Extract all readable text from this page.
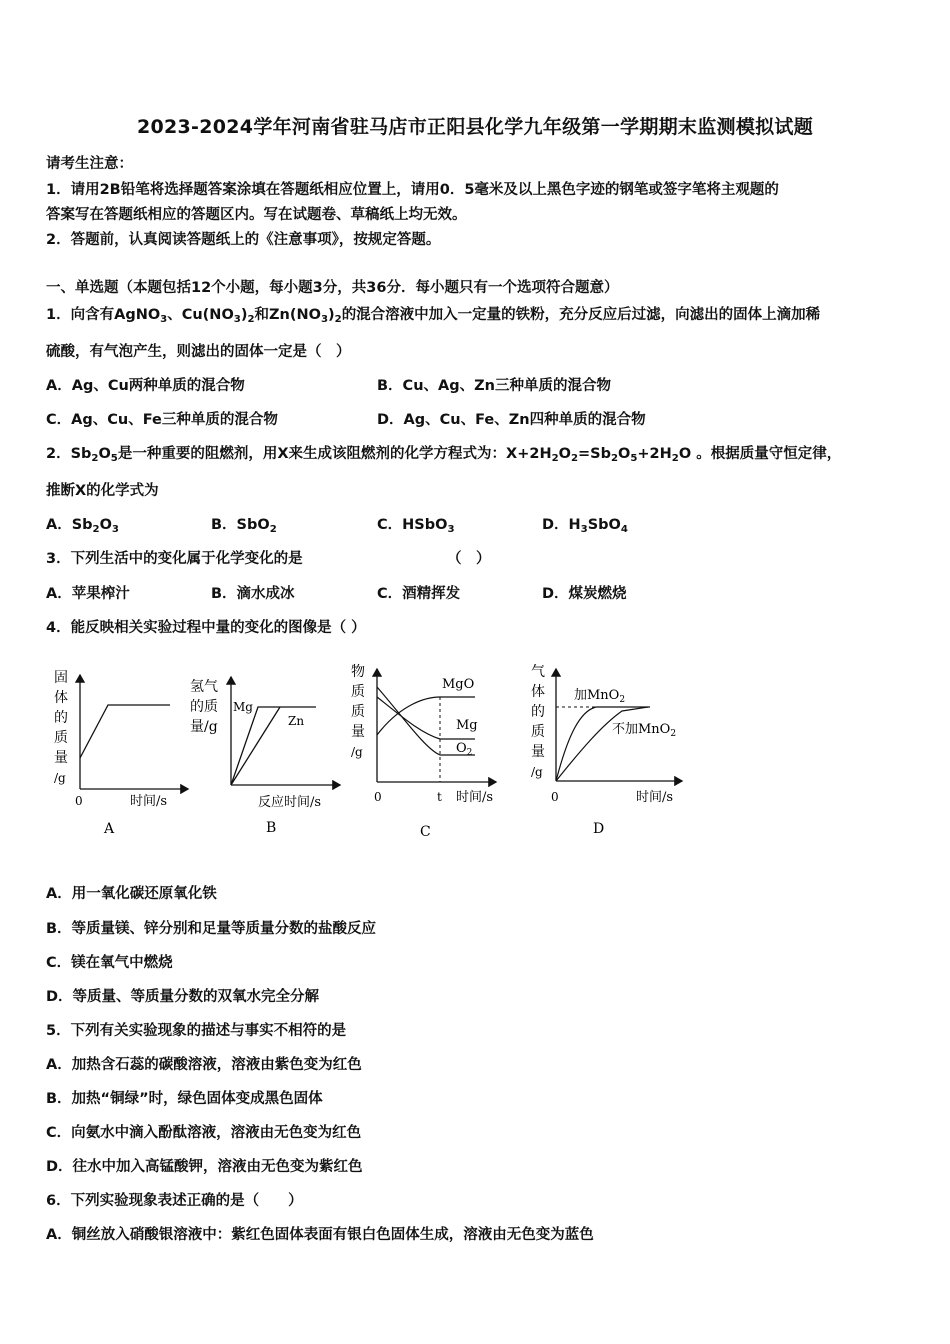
2023-2024学年河南省驻马店市正阳县化学九年级第一学期期末监测模拟试题
请考生注意：
1．请用2B铅笔将选择题答案涂填在答题纸相应位置上，请用0．5毫米及以上黑色字迹的钢笔或签字笔将主观题的
答案写在答题纸相应的答题区内。写在试题卷、草稿纸上均无效。
2．答题前，认真阅读答题纸上的《注意事项》，按规定答题。
一、单选题（本题包括12个小题，每小题3分，共36分．每小题只有一个选项符合题意）
1．向含有AgNO$_3$、$Cu(NO_3)_2$和$Zn(NO_3)_2$的混合溶液中加入一定量的铁粉，充分反应后过滤，向滤出的固体上滴加稀
硫酸，有气泡产生，则滤出的固体一定是（　）
A．Ag、Cu两种单质的混合物	B．Cu、Ag、Zn三种单质的混合物
C．Ag、Cu、Fe三种单质的混合物	D．Ag、Cu、Fe、Zn四种单质的混合物
2．$Sb_2O_5$是一种重要的阻燃剂，用X来生成该阻燃剂的化学方程式为：$X+2H_2O_2=Sb_2O_5+2H_2O$ 。根据质量守恒定律，
推断X的化学式为
A．$Sb_2O_3$	B．SbO$_2$	C．HSbO$_3$	D．$H_3SbO_4$
3．下列生活中的变化属于化学变化的是	（　）
A．苹果榨汁	B．滴水成冰	C．酒精挥发	D．煤炭燃烧
4．能反映相关实验过程中量的变化的图像是（ ）
固
体
的
质
量
/g
0	时间/s
A
氢气
的质
量/g
Mg
Zn
反应时间/s
B
物
质
质
量
/g
0	t 时间/s
MgO
Mg
$O_2$
C
气
体
的
质
量
/g
0	时间/s
加MnO$_2$
不加MnO$_2$
D
A．用一氧化碳还原氧化铁
B．等质量镁、锌分别和足量等质量分数的盐酸反应
C．镁在氧气中燃烧
D．等质量、等质量分数的双氧水完全分解
5．下列有关实验现象的描述与事实不相符的是
A．加热含石蕊的碳酸溶液，溶液由紫色变为红色
B．加热“铜绿”时，绿色固体变成黑色固体
C．向氨水中滴入酚酞溶液，溶液由无色变为红色
D．往水中加入高锰酸钾，溶液由无色变为紫红色
6．下列实验现象表述正确的是（　　）
A．铜丝放入硝酸银溶液中：紫红色固体表面有银白色固体生成，溶液由无色变为蓝色
